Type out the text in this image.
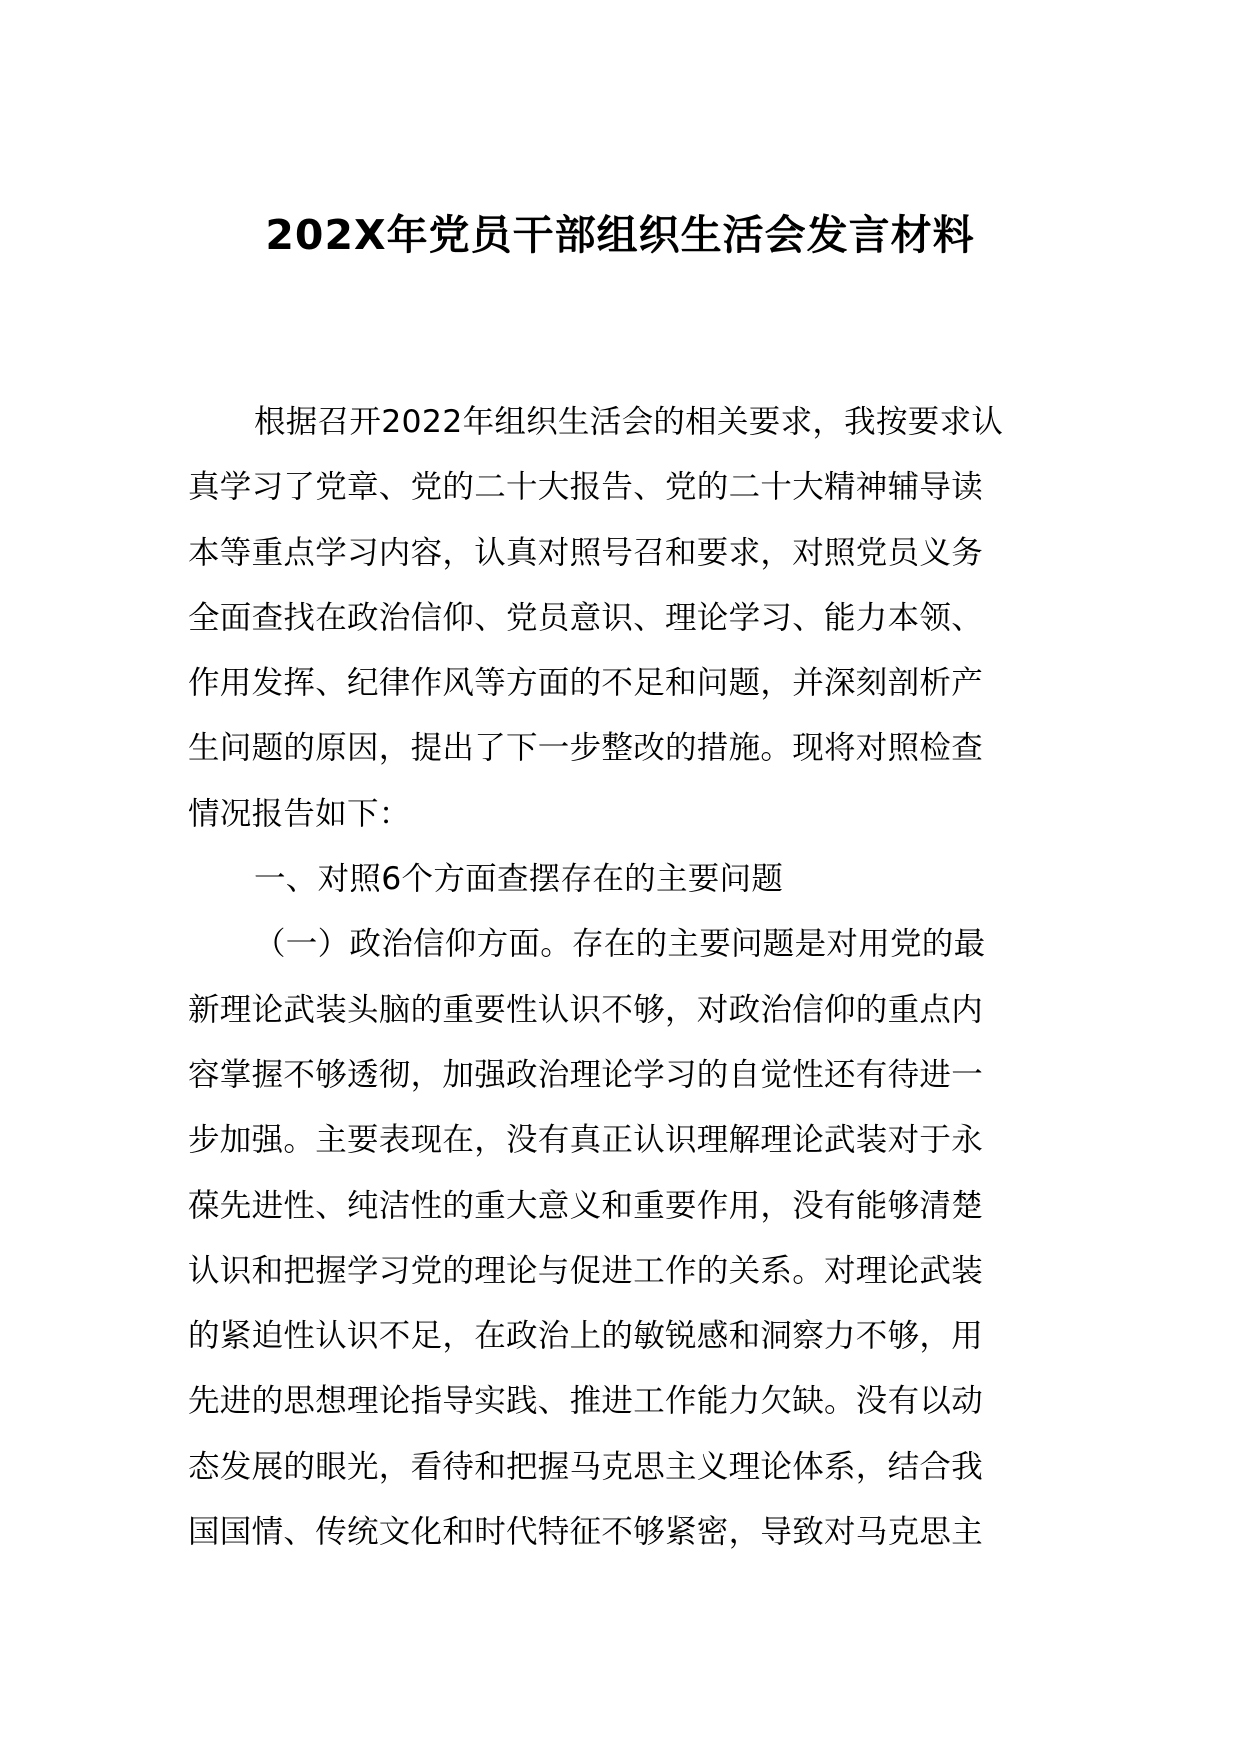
202X年党员干部组织生活会发言材料
根据召开2022年组织生活会的相关要求，我按要求认
真学习了党章、党的二十大报告、党的二十大精神辅导读
本等重点学习内容，认真对照号召和要求，对照党员义务
全面查找在政治信仰、党员意识、理论学习、能力本领、
作用发挥、纪律作风等方面的不足和问题，并深刻剖析产
生问题的原因，提出了下一步整改的措施。现将对照检查
情况报告如下：
一、对照6个方面查摆存在的主要问题
（一）政治信仰方面。存在的主要问题是对用党的最
新理论武装头脑的重要性认识不够，对政治信仰的重点内
容掌握不够透彻，加强政治理论学习的自觉性还有待进一
步加强。主要表现在，没有真正认识理解理论武装对于永
葆先进性、纯洁性的重大意义和重要作用，没有能够清楚
认识和把握学习党的理论与促进工作的关系。对理论武装
的紧迫性认识不足，在政治上的敏锐感和洞察力不够，用
先进的思想理论指导实践、推进工作能力欠缺。没有以动
态发展的眼光，看待和把握马克思主义理论体系，结合我
国国情、传统文化和时代特征不够紧密，导致对马克思主
